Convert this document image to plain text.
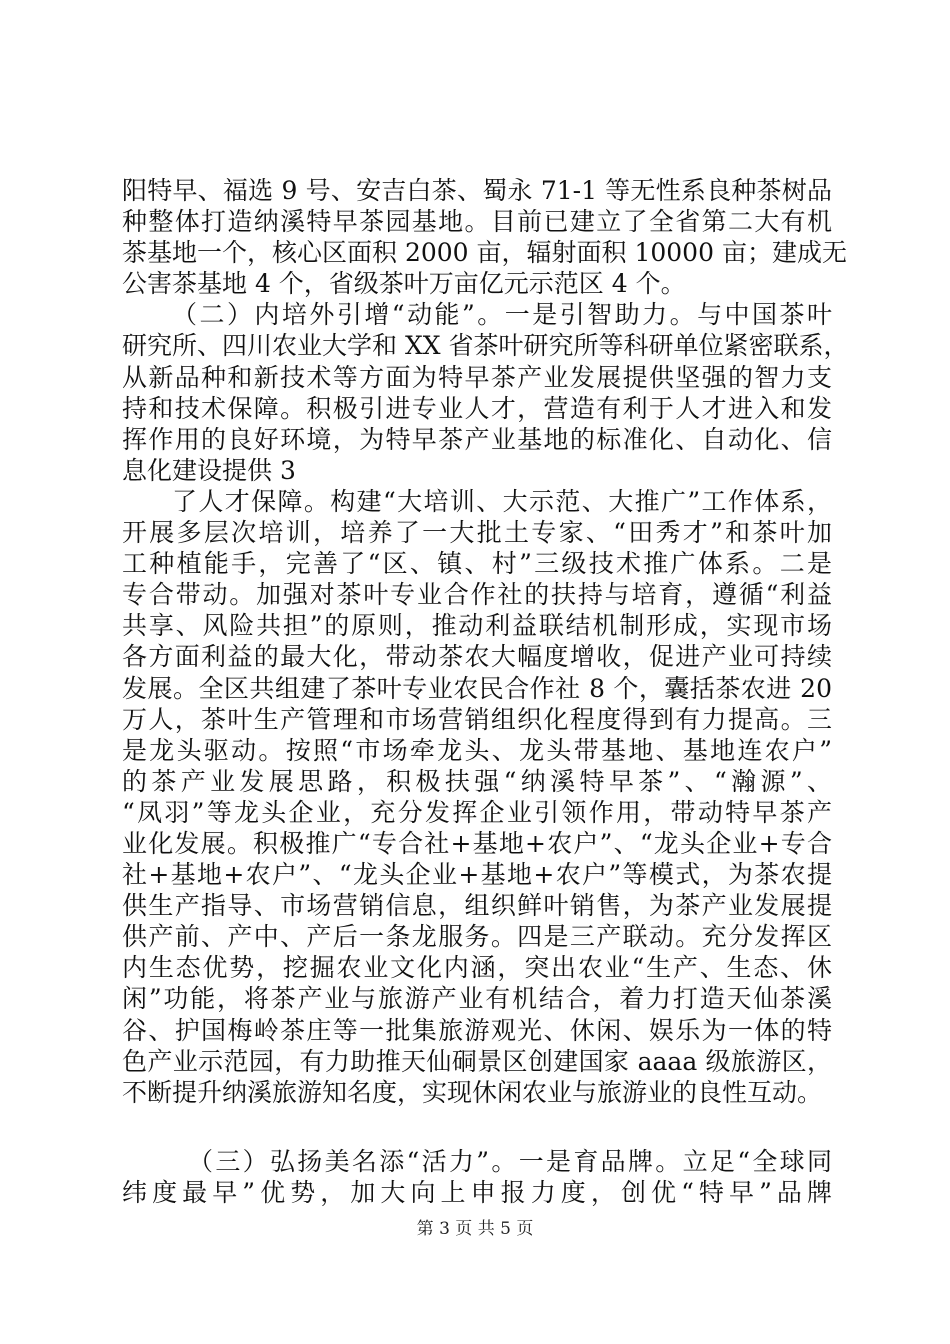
阳特早、福选 9 号、安吉白茶、蜀永 71-1 等无性系良种茶树品
种整体打造纳溪特早茶园基地。目前已建立了全省第二大有机
茶基地一个，核心区面积 2000 亩，辐射面积 10000 亩；建成无
公害茶基地 4 个，省级茶叶万亩亿元示范区 4 个。
（二）内培外引增“动能”。一是引智助力。与中国茶叶
研究所、四川农业大学和 XX 省茶叶研究所等科研单位紧密联系，
从新品种和新技术等方面为特早茶产业发展提供坚强的智力支
持和技术保障。积极引进专业人才，营造有利于人才进入和发
挥作用的良好环境，为特早茶产业基地的标准化、自动化、信
息化建设提供 3
了人才保障。构建“大培训、大示范、大推广”工作体系，
开展多层次培训，培养了一大批土专家、“田秀才”和茶叶加
工种植能手，完善了“区、镇、村”三级技术推广体系。二是
专合带动。加强对茶叶专业合作社的扶持与培育，遵循“利益
共享、风险共担”的原则，推动利益联结机制形成，实现市场
各方面利益的最大化，带动茶农大幅度增收，促进产业可持续
发展。全区共组建了茶叶专业农民合作社 8 个，囊括茶农进 20
万人，茶叶生产管理和市场营销组织化程度得到有力提高。三
是龙头驱动。按照“市场牵龙头、龙头带基地、基地连农户”
的茶产业发展思路，积极扶强“纳溪特早茶”、“瀚源”、
“凤羽”等龙头企业，充分发挥企业引领作用，带动特早茶产
业化发展。积极推广“专合社+基地+农户”、“龙头企业+专合
社+基地+农户”、“龙头企业+基地+农户”等模式，为茶农提
供生产指导、市场营销信息，组织鲜叶销售，为茶产业发展提
供产前、产中、产后一条龙服务。四是三产联动。充分发挥区
内生态优势，挖掘农业文化内涵，突出农业“生产、生态、休
闲”功能，将茶产业与旅游产业有机结合，着力打造天仙茶溪
谷、护国梅岭茶庄等一批集旅游观光、休闲、娱乐为一体的特
色产业示范园，有力助推天仙硐景区创建国家 aaaa 级旅游区，
不断提升纳溪旅游知名度，实现休闲农业与旅游业的良性互动。
（三）弘扬美名添“活力”。一是育品牌。立足“全球同
纬度最早”优势，加大向上申报力度，创优“特早”品牌
第 3 页 共 5 页
